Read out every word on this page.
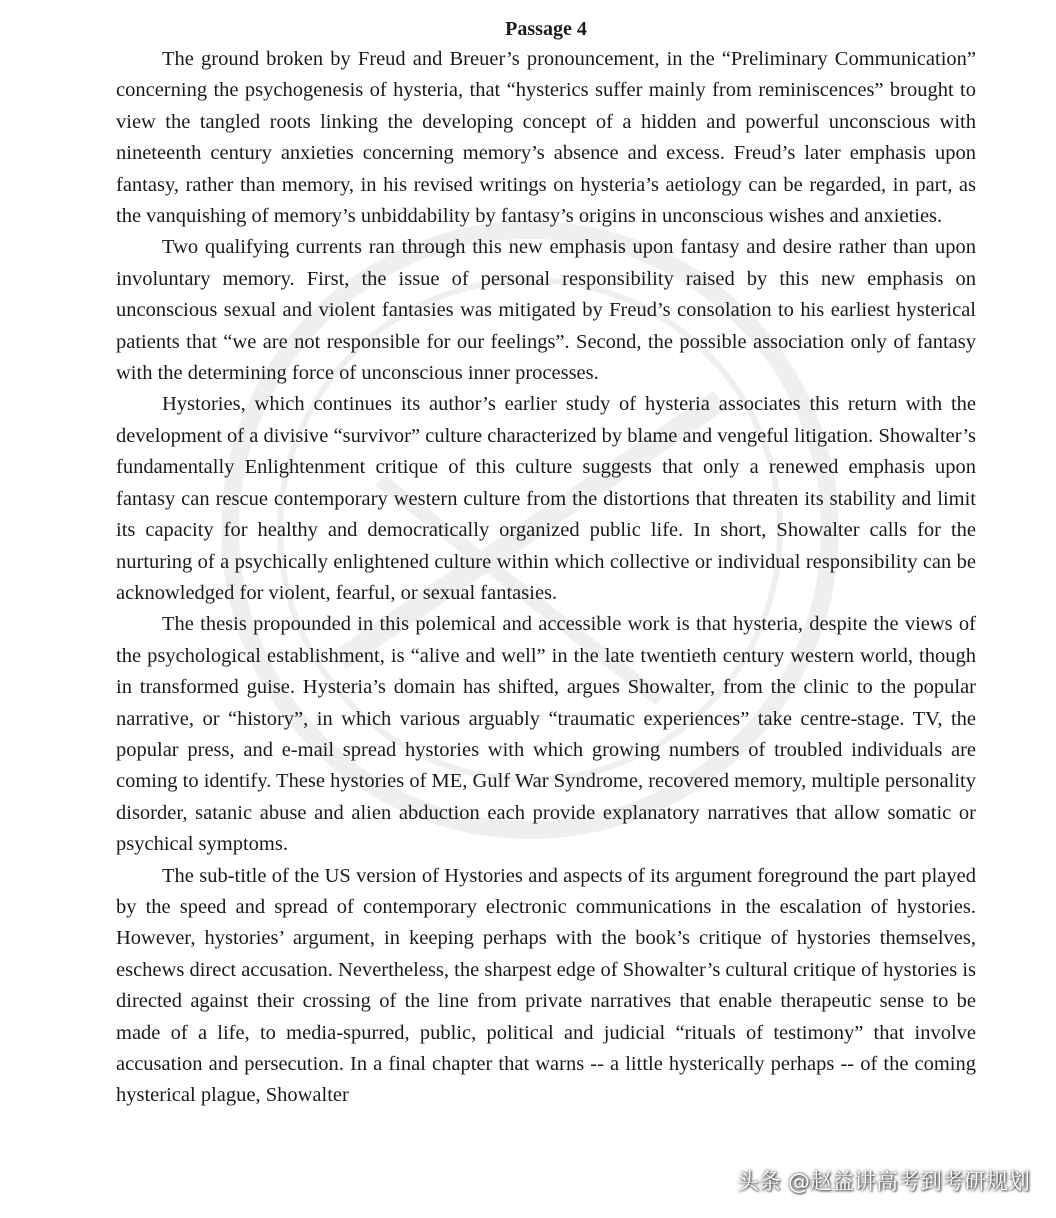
Passage 4

The ground broken by Freud and Breuer’s pronouncement, in the “Preliminary Communication” concerning the psychogenesis of hysteria, that “hysterics suffer mainly from reminiscences” brought to view the tangled roots linking the developing concept of a hidden and powerful unconscious with nineteenth century anxieties concerning memory’s absence and excess. Freud’s later emphasis upon fantasy, rather than memory, in his revised writings on hysteria’s aetiology can be regarded, in part, as the vanquishing of memory’s unbiddability by fantasy’s origins in unconscious wishes and anxieties.

Two qualifying currents ran through this new emphasis upon fantasy and desire rather than upon involuntary memory. First, the issue of personal responsibility raised by this new emphasis on unconscious sexual and violent fantasies was mitigated by Freud’s consolation to his earliest hysterical patients that “we are not responsible for our feelings”. Second, the possible association only of fantasy with the determining force of unconscious inner processes.

Hystories, which continues its author’s earlier study of hysteria associates this return with the development of a divisive “survivor” culture characterized by blame and vengeful litigation. Showalter’s fundamentally Enlightenment critique of this culture suggests that only a renewed emphasis upon fantasy can rescue contemporary western culture from the distortions that threaten its stability and limit its capacity for healthy and democratically organized public life. In short, Showalter calls for the nurturing of a psychically enlightened culture within which collective or individual responsibility can be acknowledged for violent, fearful, or sexual fantasies.

The thesis propounded in this polemical and accessible work is that hysteria, despite the views of the psychological establishment, is “alive and well” in the late twentieth century western world, though in transformed guise. Hysteria’s domain has shifted, argues Showalter, from the clinic to the popular narrative, or “history”, in which various arguably “traumatic experiences” take centre-stage. TV, the popular press, and e-mail spread hystories with which growing numbers of troubled individuals are coming to identify. These hystories of ME, Gulf War Syndrome, recovered memory, multiple personality disorder, satanic abuse and alien abduction each provide explanatory narratives that allow somatic or psychical symptoms.

The sub-title of the US version of Hystories and aspects of its argument foreground the part played by the speed and spread of contemporary electronic communications in the escalation of hystories. However, hystories’ argument, in keeping perhaps with the book’s critique of hystories themselves, eschews direct accusation. Nevertheless, the sharpest edge of Showalter’s cultural critique of hystories is directed against their crossing of the line from private narratives that enable therapeutic sense to be made of a life, to media-spurred, public, political and judicial “rituals of testimony” that involve accusation and persecution. In a final chapter that warns -- a little hysterically perhaps -- of the coming hysterical plague, Showalter

头条 @赵益讲高考到考研规划
